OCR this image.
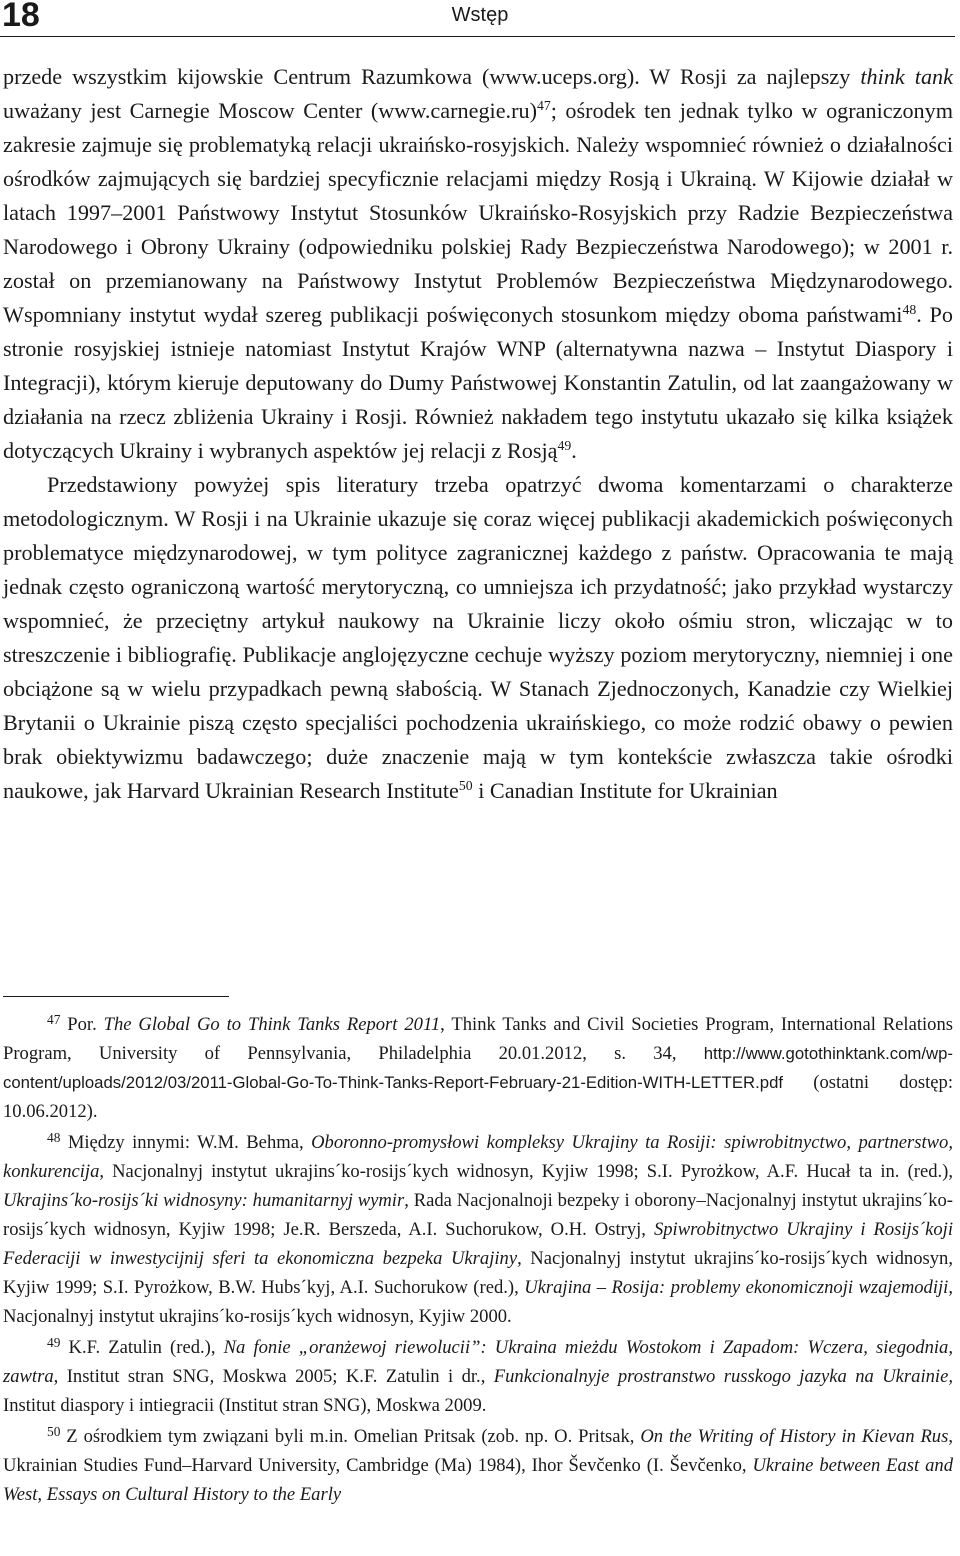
18	Wstęp

przede wszystkim kijowskie Centrum Razumkowa (www.uceps.org). W Rosji za najlepszy think tank uważany jest Carnegie Moscow Center (www.carnegie.ru)$^{47}$; ośrodek ten jednak tylko w ograniczonym zakresie zajmuje się problematyką relacji ukraińsko-rosyjskich. Należy wspomnieć również o działalności ośrodków zajmujących się bardziej specyficznie relacjami między Rosją i Ukrainą. W Kijowie działał w latach 1997–2001 Państwowy Instytut Stosunków Ukraińsko-Rosyjskich przy Radzie Bezpieczeństwa Narodowego i Obrony Ukrainy (odpowiedniku polskiej Rady Bezpieczeństwa Narodowego); w 2001 r. został on przemianowany na Państwowy Instytut Problemów Bezpieczeństwa Międzynarodowego. Wspomniany instytut wydał szereg publikacji poświęconych stosunkom między oboma państwami$^{48}$. Po stronie rosyjskiej istnieje natomiast Instytut Krajów WNP (alternatywna nazwa – Instytut Diaspory i Integracji), którym kieruje deputowany do Dumy Państwowej Konstantin Zatulin, od lat zaangażowany w działania na rzecz zbliżenia Ukrainy i Rosji. Również nakładem tego instytutu ukazało się kilka książek dotyczących Ukrainy i wybranych aspektów jej relacji z Rosją$^{49}$.

Przedstawiony powyżej spis literatury trzeba opatrzyć dwoma komentarzami o charakterze metodologicznym. W Rosji i na Ukrainie ukazuje się coraz więcej publikacji akademickich poświęconych problematyce międzynarodowej, w tym polityce zagranicznej każdego z państw. Opracowania te mają jednak często ograniczoną wartość merytoryczną, co umniejsza ich przydatność; jako przykład wystarczy wspomnieć, że przeciętny artykuł naukowy na Ukrainie liczy około ośmiu stron, wliczając w to streszczenie i bibliografię. Publikacje anglojęzyczne cechuje wyższy poziom merytoryczny, niemniej i one obciążone są w wielu przypadkach pewną słabością. W Stanach Zjednoczonych, Kanadzie czy Wielkiej Brytanii o Ukrainie piszą często specjaliści pochodzenia ukraińskiego, co może rodzić obawy o pewien brak obiektywizmu badawczego; duże znaczenie mają w tym kontekście zwłaszcza takie ośrodki naukowe, jak Harvard Ukrainian Research Institute$^{50}$ i Canadian Institute for Ukrainian

$^{47}$ Por. The Global Go to Think Tanks Report 2011, Think Tanks and Civil Societies Program, International Relations Program, University of Pennsylvania, Philadelphia 20.01.2012, s. 34, http://www.gotothinktank.com/wp-content/uploads/2012/03/2011-Global-Go-To-Think-Tanks-Report-February-21-Edition-WITH-LETTER.pdf (ostatni dostęp: 10.06.2012).

$^{48}$ Między innymi: W.M. Behma, Oboronno-promysłowi kompleksy Ukrajiny ta Rosiji: spiwrobitnyctwo, partnerstwo, konkurencija, Nacjonalnyj instytut ukrajins´ko-rosijs´kych widnosyn, Kyjiw 1998; S.I. Pyrożkow, A.F. Hucał ta in. (red.), Ukrajins´ko-rosijs´ki widnosyny: humanitarnyj wymir, Rada Nacjonalnoji bezpeky i oborony–Nacjonalnyj instytut ukrajins´ko-rosijs´kych widnosyn, Kyjiw 1998; Je.R. Berszeda, A.I. Suchorukow, O.H. Ostryj, Spiwrobitnyctwo Ukrajiny i Rosijs´koji Federaciji w inwestycijnij sferi ta ekonomiczna bezpeka Ukrajiny, Nacjonalnyj instytut ukrajins´ko-rosijs´kych widnosyn, Kyjiw 1999; S.I. Pyrożkow, B.W. Hubs´kyj, A.I. Suchorukow (red.), Ukrajina – Rosija: problemy ekonomicznoji wzajemodiji, Nacjonalnyj instytut ukrajins´ko-rosijs´kych widnosyn, Kyjiw 2000.

$^{49}$ K.F. Zatulin (red.), Na fonie „oranżewoj riewolucii”: Ukraina mieżdu Wostokom i Zapadom: Wczera, siegodnia, zawtra, Institut stran SNG, Moskwa 2005; K.F. Zatulin i dr., Funkcionalnyje prostranstwo russkogo jazyka na Ukrainie, Institut diaspory i intiegracii (Institut stran SNG), Moskwa 2009.

$^{50}$ Z ośrodkiem tym związani byli m.in. Omelian Pritsak (zob. np. O. Pritsak, On the Writing of History in Kievan Rus, Ukrainian Studies Fund–Harvard University, Cambridge (Ma) 1984), Ihor Ševčenko (I. Ševčenko, Ukraine between East and West, Essays on Cultural History to the Early
